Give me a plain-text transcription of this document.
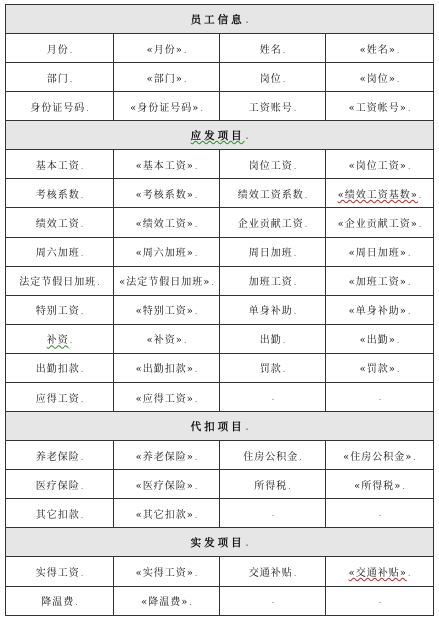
员工信息.			
月份.	«月份».	姓名.	«姓名».
部门.	«部门».	岗位.	«岗位».
身份证号码.	«身份证号码».	工资账号.	«工资帐号».
应发项目.			
基本工资.	«基本工资».	岗位工资.	«岗位工资».
考核系数.	«考核系数».	绩效工资系数.	«绩效工资基数».
绩效工资.	«绩效工资».	企业贡献工资.	«企业贡献工资».
周六加班.	«周六加班».	周日加班.	«周日加班».
法定节假日加班.	«法定节假日加班».	加班工资.	«加班工资».
特别工资.	«特别工资».	单身补助.	«单身补助».
补资.	«补资».	出勤.	«出勤».
出勤扣款.	«出勤扣款».	罚款.	«罚款».
应得工资.	«应得工资».	.	.
代扣项目.			
养老保险.	«养老保险».	住房公积金.	«住房公积金».
医疗保险.	«医疗保险».	所得税.	«所得税».
其它扣款.	«其它扣款».	.	.
实发项目.			
实得工资.	«实得工资».	交通补贴.	«交通补贴».
降温费.	«降温费».	.	.
